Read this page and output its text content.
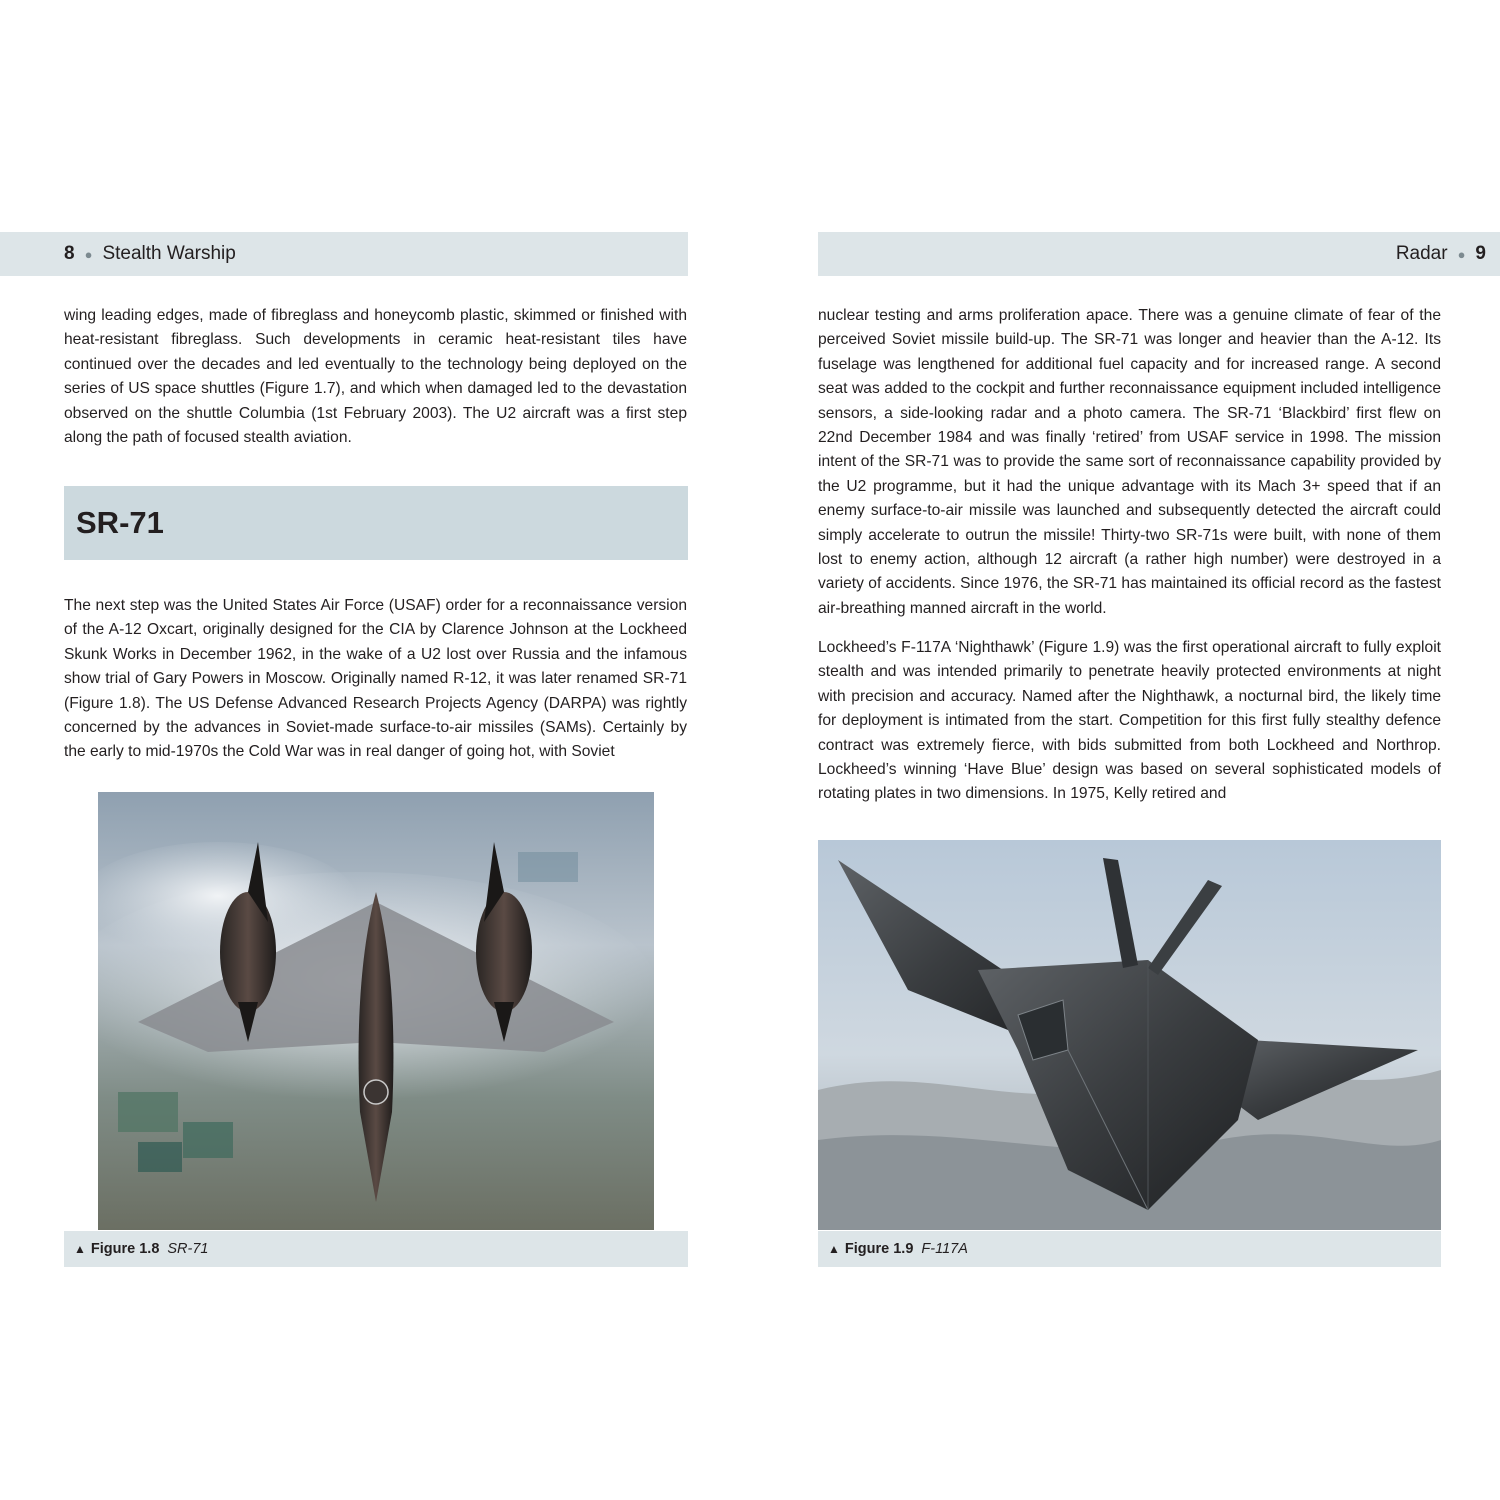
8 ● Stealth Warship

wing leading edges, made of fibreglass and honeycomb plastic, skimmed or finished with heat-resistant fibreglass. Such developments in ceramic heat-resistant tiles have continued over the decades and led eventually to the technology being deployed on the series of US space shuttles (Figure 1.7), and which when damaged led to the devastation observed on the shuttle Columbia (1st February 2003). The U2 aircraft was a first step along the path of focused stealth aviation.

SR-71

The next step was the United States Air Force (USAF) order for a reconnaissance version of the A-12 Oxcart, originally designed for the CIA by Clarence Johnson at the Lockheed Skunk Works in December 1962, in the wake of a U2 lost over Russia and the infamous show trial of Gary Powers in Moscow. Originally named R-12, it was later renamed SR-71 (Figure 1.8). The US Defense Advanced Research Projects Agency (DARPA) was rightly concerned by the advances in Soviet-made surface-to-air missiles (SAMs). Certainly by the early to mid-1970s the Cold War was in real danger of going hot, with Soviet

▲ Figure 1.8 SR-71
Radar ● 9

nuclear testing and arms proliferation apace. There was a genuine climate of fear of the perceived Soviet missile build-up. The SR-71 was longer and heavier than the A-12. Its fuselage was lengthened for additional fuel capacity and for increased range. A second seat was added to the cockpit and further reconnaissance equipment included intelligence sensors, a side-looking radar and a photo camera. The SR-71 ‘Blackbird’ first flew on 22nd December 1984 and was finally ‘retired’ from USAF service in 1998. The mission intent of the SR-71 was to provide the same sort of reconnaissance capability provided by the U2 programme, but it had the unique advantage with its Mach 3+ speed that if an enemy surface-to-air missile was launched and subsequently detected the aircraft could simply accelerate to outrun the missile! Thirty-two SR-71s were built, with none of them lost to enemy action, although 12 aircraft (a rather high number) were destroyed in a variety of accidents. Since 1976, the SR-71 has maintained its official record as the fastest air-breathing manned aircraft in the world.

Lockheed’s F-117A ‘Nighthawk’ (Figure 1.9) was the first operational aircraft to fully exploit stealth and was intended primarily to penetrate heavily protected environments at night with precision and accuracy. Named after the Nighthawk, a nocturnal bird, the likely time for deployment is intimated from the start. Competition for this first fully stealthy defence contract was extremely fierce, with bids submitted from both Lockheed and Northrop. Lockheed’s winning ‘Have Blue’ design was based on several sophisticated models of rotating plates in two dimensions. In 1975, Kelly retired and

▲ Figure 1.9 F-117A
